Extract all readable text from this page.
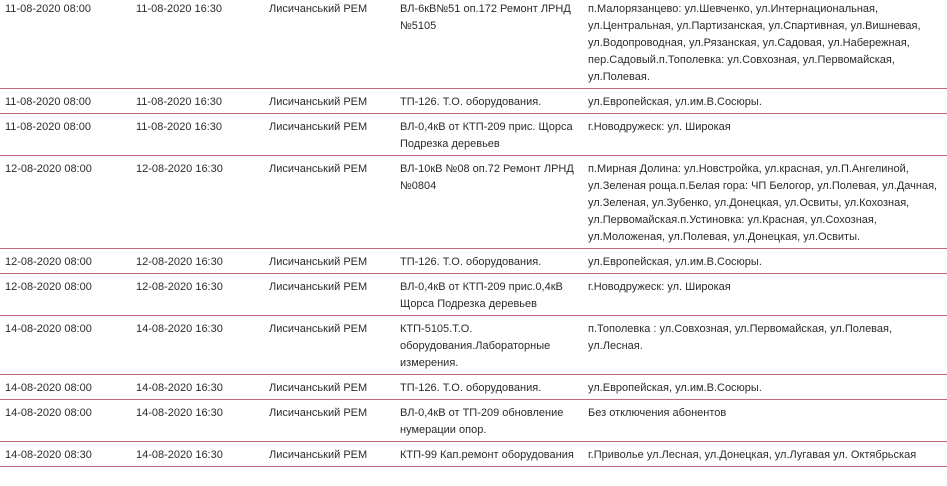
11-08-2020 08:00	11-08-2020 16:30	Лисичанський РЕМ	ВЛ-6кВ№51 оп.172 Ремонт ЛРНД №5105	п.Малорязанцево: ул.Шевченко, ул.Интернациональная, ул.Центральная, ул.Партизанская, ул.Спартивная, ул.Вишневая, ул.Водопроводная, ул.Рязанская, ул.Садовая, ул.Набережная, пер.Садовый.п.Тополевка: ул.Совхозная, ул.Первомайская, ул.Полевая.
11-08-2020 08:00	11-08-2020 16:30	Лисичанський РЕМ	ТП-126. Т.О. оборудования.	ул.Европейская, ул.им.В.Сосюры.
11-08-2020 08:00	11-08-2020 16:30	Лисичанський РЕМ	ВЛ-0,4кВ от КТП-209 прис. Щорса Подрезка деревьев	г.Новодружеск: ул. Широкая
12-08-2020 08:00	12-08-2020 16:30	Лисичанський РЕМ	ВЛ-10кВ №08 оп.72 Ремонт ЛРНД №0804	п.Мирная Долина: ул.Новстройка, ул.красная, ул.П.Ангелиной, ул.Зеленая роща.п.Белая гора: ЧП Белогор, ул.Полевая, ул.Дачная, ул.Зеленая, ул.Зубенко, ул.Донецкая, ул.Освиты, ул.Кохозная, ул.Первомайская.п.Устиновка: ул.Красная, ул.Сохозная, ул.Моложеная, ул.Полевая, ул.Донецкая, ул.Освиты.
12-08-2020 08:00	12-08-2020 16:30	Лисичанський РЕМ	ТП-126. Т.О. оборудования.	ул.Европейская, ул.им.В.Сосюры.
12-08-2020 08:00	12-08-2020 16:30	Лисичанський РЕМ	ВЛ-0,4кВ от КТП-209 прис.0,4кВ Щорса Подрезка деревьев	г.Новодружеск: ул. Широкая
14-08-2020 08:00	14-08-2020 16:30	Лисичанський РЕМ	КТП-5105.Т.О. оборудования.Лабораторные измерения.	п.Тополевка : ул.Совхозная, ул.Первомайская, ул.Полевая, ул.Лесная.
14-08-2020 08:00	14-08-2020 16:30	Лисичанський РЕМ	ТП-126. Т.О. оборудования.	ул.Европейская, ул.им.В.Сосюры.
14-08-2020 08:00	14-08-2020 16:30	Лисичанський РЕМ	ВЛ-0,4кВ от ТП-209 обновление нумерации опор.	Без отключения абонентов
14-08-2020 08:30	14-08-2020 16:30	Лисичанський РЕМ	КТП-99 Кап.ремонт оборудования	г.Приволье ул.Лесная, ул.Донецкая, ул.Лугавая ул. Октябрьская
